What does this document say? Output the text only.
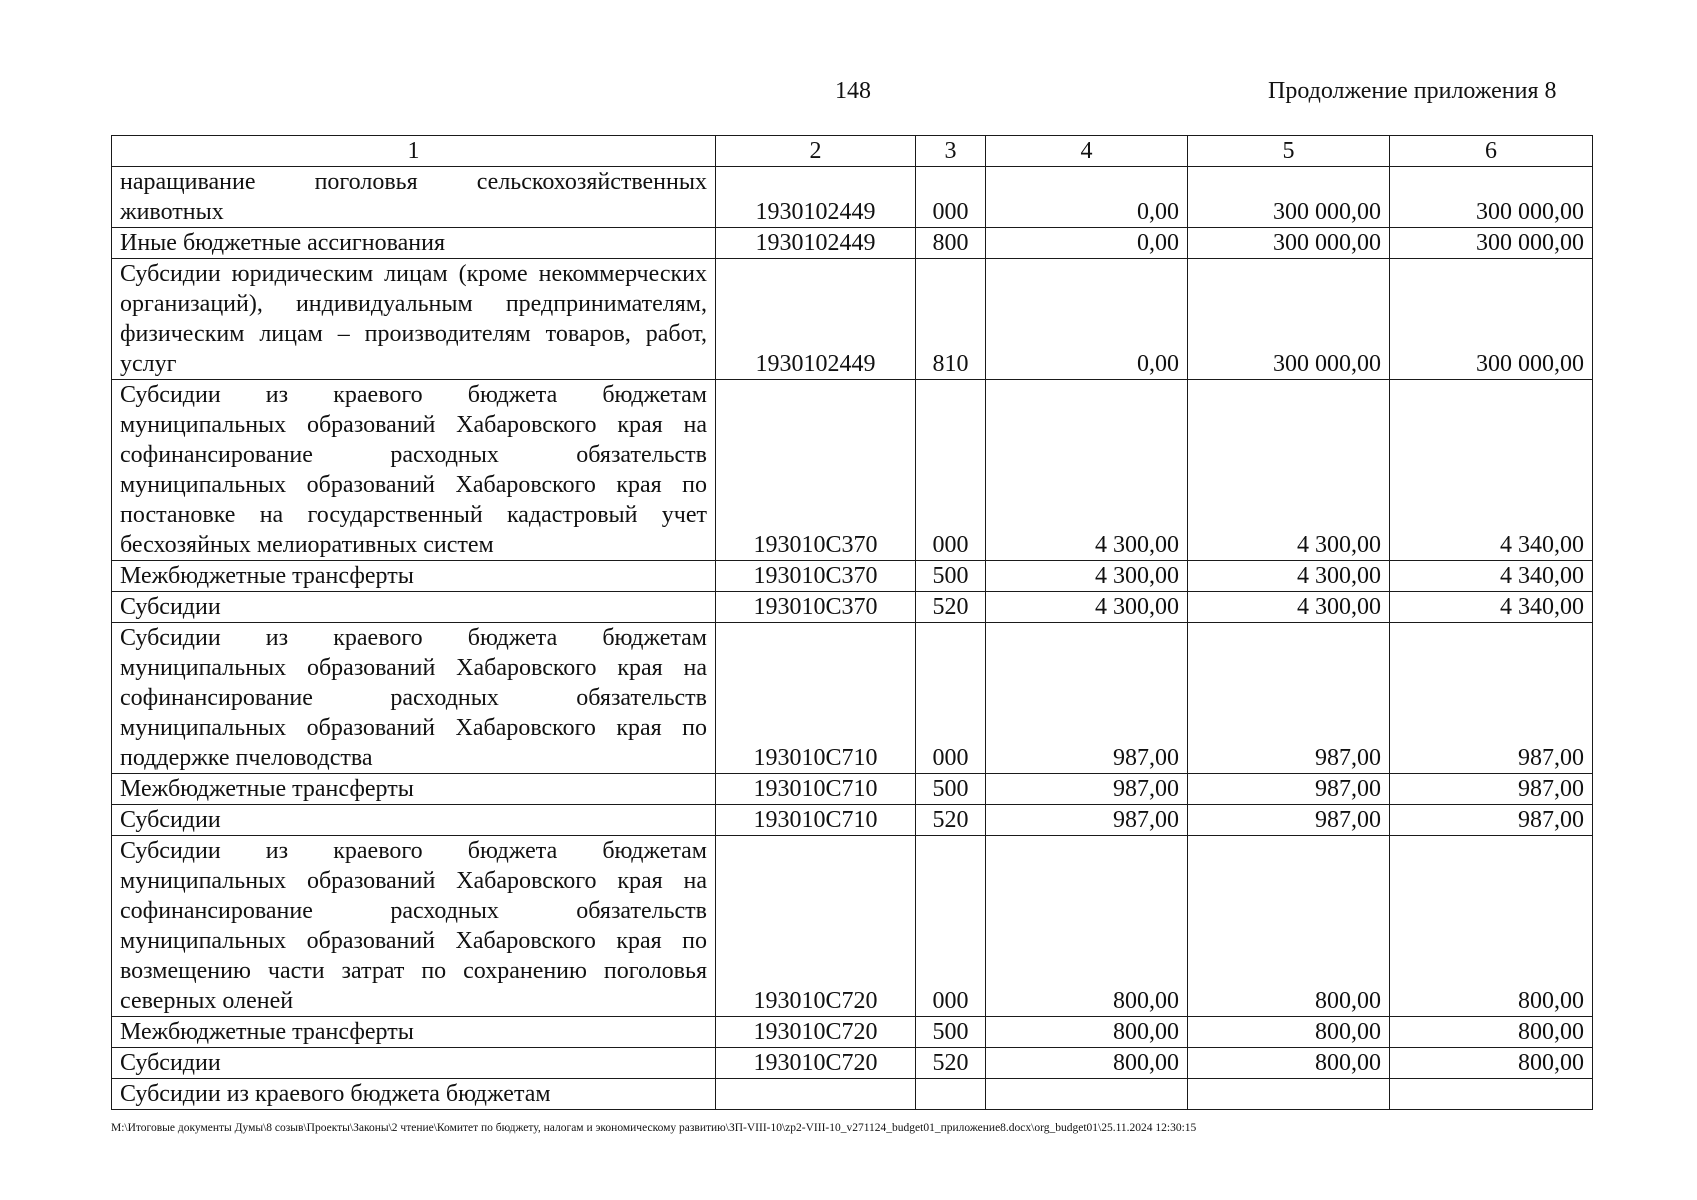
148	Продолжение приложения 8
1	2	3	4	5	6
наращивание поголовья сельскохозяйственных животных	1930102449	000	0,00	300 000,00	300 000,00
Иные бюджетные ассигнования	1930102449	800	0,00	300 000,00	300 000,00
Субсидии юридическим лицам (кроме некоммерческих организаций), индивидуальным предпринимателям, физическим лицам – производителям товаров, работ, услуг	1930102449	810	0,00	300 000,00	300 000,00
Субсидии из краевого бюджета бюджетам муниципальных образований Хабаровского края на софинансирование расходных обязательств муниципальных образований Хабаровского края по постановке на государственный кадастровый учет бесхозяйных мелиоративных систем	193010С370	000	4 300,00	4 300,00	4 340,00
Межбюджетные трансферты	193010С370	500	4 300,00	4 300,00	4 340,00
Субсидии	193010С370	520	4 300,00	4 300,00	4 340,00
Субсидии из краевого бюджета бюджетам муниципальных образований Хабаровского края на софинансирование расходных обязательств муниципальных образований Хабаровского края по поддержке пчеловодства	193010С710	000	987,00	987,00	987,00
Межбюджетные трансферты	193010С710	500	987,00	987,00	987,00
Субсидии	193010С710	520	987,00	987,00	987,00
Субсидии из краевого бюджета бюджетам муниципальных образований Хабаровского края на софинансирование расходных обязательств муниципальных образований Хабаровского края по возмещению части затрат по сохранению поголовья северных оленей	193010С720	000	800,00	800,00	800,00
Межбюджетные трансферты	193010С720	500	800,00	800,00	800,00
Субсидии	193010С720	520	800,00	800,00	800,00
Субсидии из краевого бюджета бюджетам					
M:\Итоговые документы Думы\8 созыв\Проекты\Законы\2 чтение\Комитет по бюджету, налогам и экономическому развитию\ЗП-VIII-10\zp2-VIII-10_v271124_budget01_приложение8.docx\org_budget01\25.11.2024 12:30:15
